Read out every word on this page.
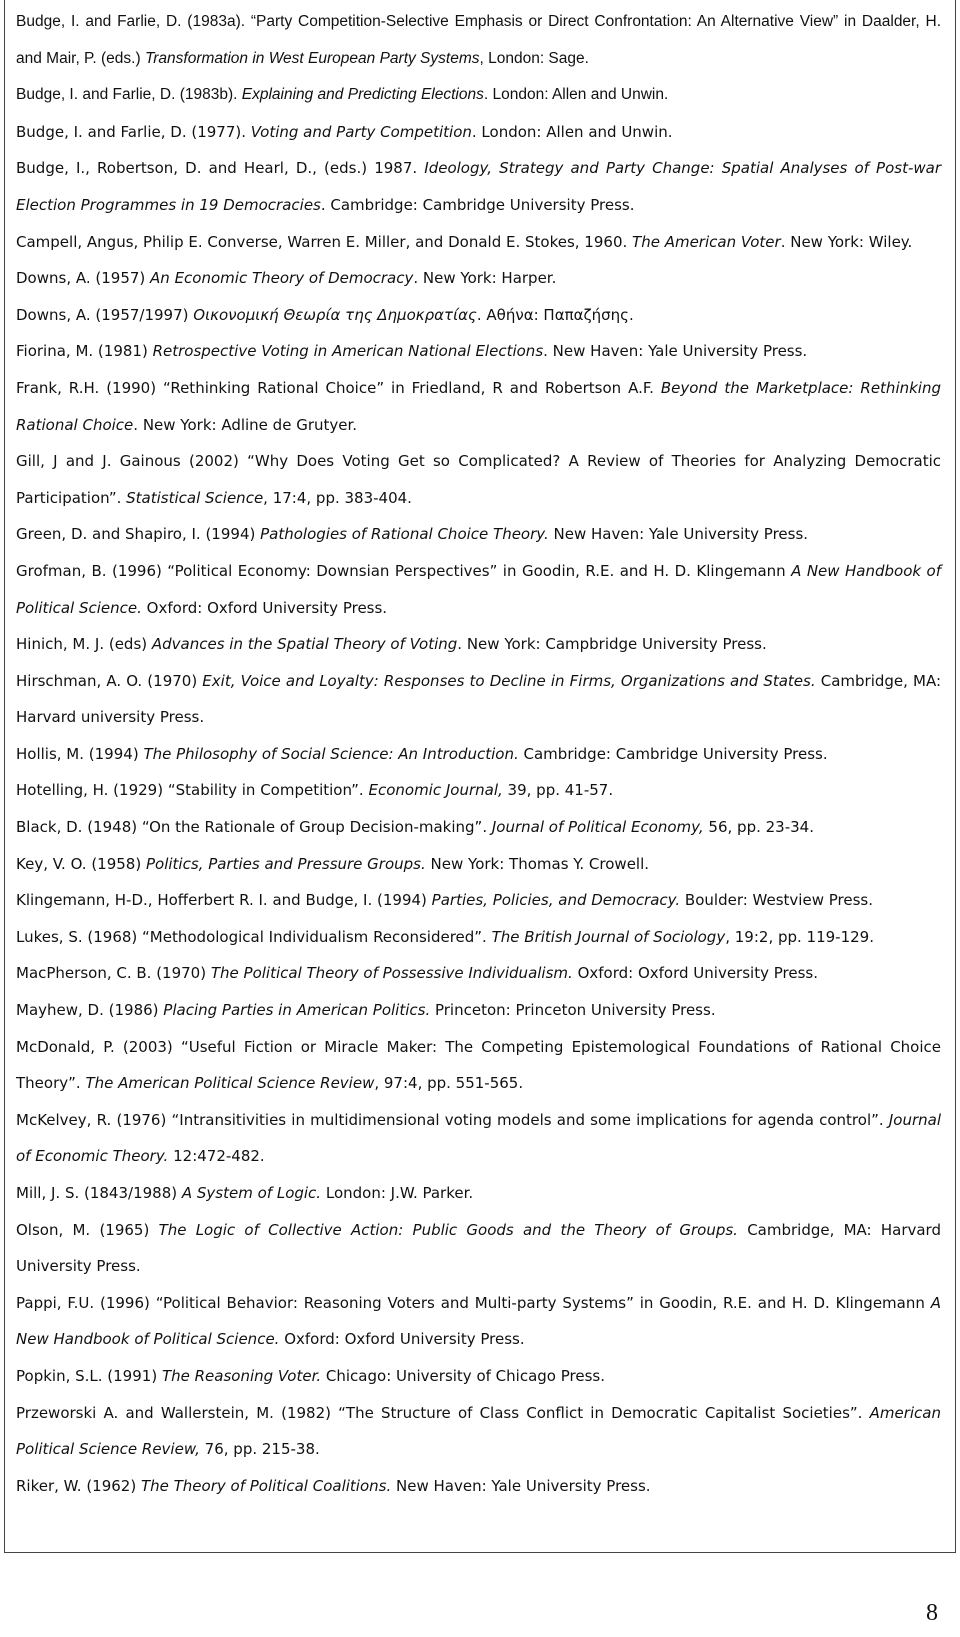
Budge, I. and Farlie, D. (1983a). “Party Competition-Selective Emphasis or Direct Confrontation: An Alternative View” in Daalder, H. and Mair, P. (eds.) Transformation in West European Party Systems, London: Sage.
Budge, I. and Farlie, D. (1983b). Explaining and Predicting Elections. London: Allen and Unwin.
Budge, I. and Farlie, D. (1977). Voting and Party Competition. London: Allen and Unwin.
Budge, I., Robertson, D. and Hearl, D., (eds.) 1987. Ideology, Strategy and Party Change: Spatial Analyses of Post-war Election Programmes in 19 Democracies. Cambridge: Cambridge University Press.
Campell, Angus, Philip E. Converse, Warren E. Miller, and Donald E. Stokes, 1960. The American Voter. New York: Wiley.
Downs, A. (1957) An Economic Theory of Democracy. New York: Harper.
Downs, A. (1957/1997) Οικονομική Θεωρία της Δημοκρατίας. Αθήνα: Παπαζήσης.
Fiorina, M. (1981) Retrospective Voting in American National Elections. New Haven: Yale University Press.
Frank, R.H. (1990) “Rethinking Rational Choice” in Friedland, R and Robertson A.F. Beyond the Marketplace: Rethinking Rational Choice. New York: Adline de Grutyer.
Gill, J and J. Gainous (2002) “Why Does Voting Get so Complicated? A Review of Theories for Analyzing Democratic Participation”. Statistical Science, 17:4, pp. 383-404.
Green, D. and Shapiro, I. (1994) Pathologies of Rational Choice Theory. New Haven: Yale University Press.
Grofman, B. (1996) “Political Economy: Downsian Perspectives” in Goodin, R.E. and H. D. Klingemann A New Handbook of Political Science. Oxford: Oxford University Press.
Hinich, M. J. (eds) Advances in the Spatial Theory of Voting. New York: Campbridge University Press.
Hirschman, A. O. (1970) Exit, Voice and Loyalty: Responses to Decline in Firms, Organizations and States. Cambridge, MA: Harvard university Press.
Hollis, M. (1994) The Philosophy of Social Science: An Introduction. Cambridge: Cambridge University Press.
Hotelling, H. (1929) “Stability in Competition”. Economic Journal, 39, pp. 41-57.
Black, D. (1948) “On the Rationale of Group Decision-making”. Journal of Political Economy, 56, pp. 23-34.
Key, V. O. (1958) Politics, Parties and Pressure Groups. New York: Thomas Y. Crowell.
Klingemann, H-D., Hofferbert R. I. and Budge, I. (1994) Parties, Policies, and Democracy. Boulder: Westview Press.
Lukes, S. (1968) “Methodological Individualism Reconsidered”. The British Journal of Sociology, 19:2, pp. 119-129.
MacPherson, C. B. (1970) The Political Theory of Possessive Individualism. Oxford: Oxford University Press.
Mayhew, D. (1986) Placing Parties in American Politics. Princeton: Princeton University Press.
McDonald, P. (2003) “Useful Fiction or Miracle Maker: The Competing Epistemological Foundations of Rational Choice Theory”. The American Political Science Review, 97:4, pp. 551-565.
McKelvey, R. (1976) “Intransitivities in multidimensional voting models and some implications for agenda control”. Journal of Economic Theory. 12:472-482.
Mill, J. S. (1843/1988) A System of Logic. London: J.W. Parker.
Olson, M. (1965) The Logic of Collective Action: Public Goods and the Theory of Groups. Cambridge, MA: Harvard University Press.
Pappi, F.U. (1996) “Political Behavior: Reasoning Voters and Multi-party Systems” in Goodin, R.E. and H. D. Klingemann A New Handbook of Political Science. Oxford: Oxford University Press.
Popkin, S.L. (1991) The Reasoning Voter. Chicago: University of Chicago Press.
Przeworski A. and Wallerstein, M. (1982) “The Structure of Class Conflict in Democratic Capitalist Societies”. American Political Science Review, 76, pp. 215-38.
Riker, W. (1962) The Theory of Political Coalitions. New Haven: Yale University Press.
8
